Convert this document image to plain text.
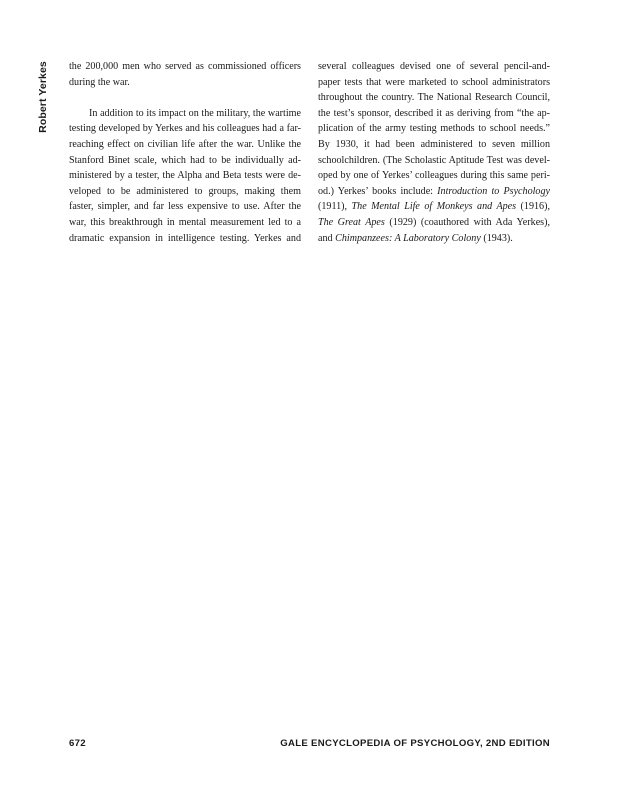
Robert Yerkes the 200,000 men who served as commissioned officers
during the war.
In addition to its impact on the military, the wartime
testing developed by Yerkes and his colleagues had a far-
reaching effect on civilian life after the war. Unlike the
Stanford Binet scale, which had to be individually ad-
ministered by a tester, the Alpha and Beta tests were de-
veloped to be administered to groups, making them
faster, simpler, and far less expensive to use. After the
war, this breakthrough in mental measurement led to a
dramatic expansion in intelligence testing. Yerkes and
several colleagues devised one of several pencil-and-
paper tests that were marketed to school administrators
throughout the country. The National Research Council,
the test’s sponsor, described it as deriving from “the ap-
plication of the army testing methods to school needs.”
By 1930, it had been administered to seven million
schoolchildren. (The Scholastic Aptitude Test was devel-
oped by one of Yerkes’ colleagues during this same peri-
od.) Yerkes’ books include: Introduction to Psychology
(1911), The Mental Life of Monkeys and Apes (1916),
The Great Apes (1929) (coauthored with Ada Yerkes),
and Chimpanzees: A Laboratory Colony (1943).
672	GALE ENCYCLOPEDIA OF PSYCHOLOGY, 2ND EDITION
